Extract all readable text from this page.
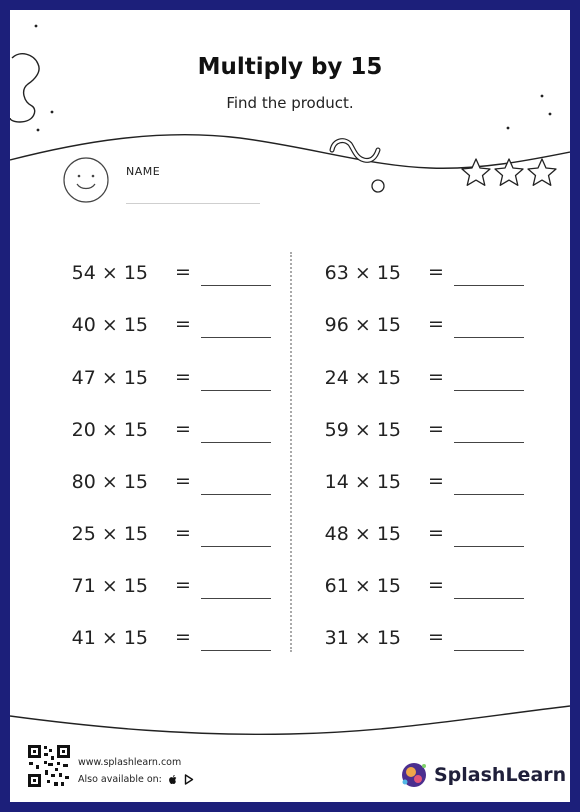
Multiply by 15
Find the product.
NAME
54 × 15 =
40 × 15 =
47 × 15 =
20 × 15 =
80 × 15 =
25 × 15 =
71 × 15 =
41 × 15 =
63 × 15 =
96 × 15 =
24 × 15 =
59 × 15 =
14 × 15 =
48 × 15 =
61 × 15 =
31 × 15 =
www.splashlearn.com
Also available on:	SplashLearn
